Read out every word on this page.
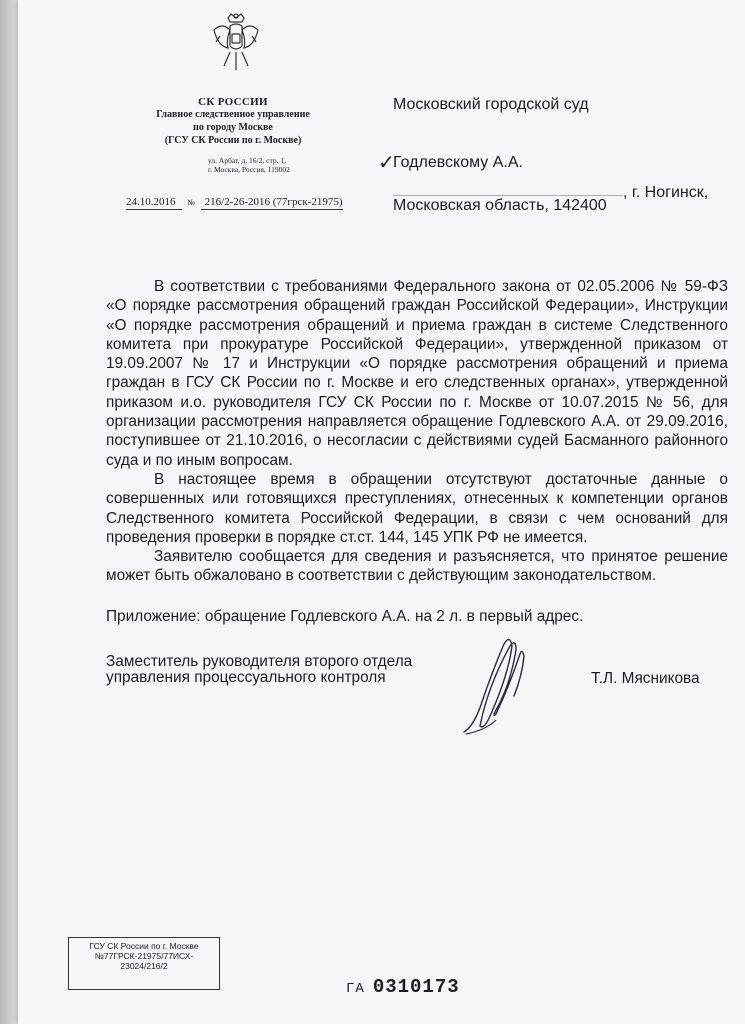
СК РОССИИ
Главное следственное управление
по городу Москве
(ГСУ СК России по г. Москве)
ул. Арбат, д. 16/2, стр. 1,
г. Москва, Россия, 119002
24.10.2016 № 216/2-26-2016 (77грск-21975)
Московский городской суд
✓
Годлевскому А.А.
, г. Ногинск,
Московская область, 142400

В соответствии с требованиями Федерального закона от 02.05.2006 № 59-ФЗ «О порядке рассмотрения обращений граждан Российской Федерации», Инструкции «О порядке рассмотрения обращений и приема граждан в системе Следственного комитета при прокуратуре Российской Федерации», утвержденной приказом от 19.09.2007 № 17 и Инструкции «О порядке рассмотрения обращений и приема граждан в ГСУ СК России по г. Москве и его следственных органах», утвержденной приказом и.о. руководителя ГСУ СК России по г. Москве от 10.07.2015 № 56, для организации рассмотрения направляется обращение Годлевского А.А. от 29.09.2016, поступившее от 21.10.2016, о несогласии с действиями судей Басманного районного суда и по иным вопросам.

В настоящее время в обращении отсутствуют достаточные данные о совершенных или готовящихся преступлениях, отнесенных к компетенции органов Следственного комитета Российской Федерации, в связи с чем оснований для проведения проверки в порядке ст.ст. 144, 145 УПК РФ не имеется.

Заявителю сообщается для сведения и разъясняется, что принятое решение может быть обжаловано в соответствии с действующим законодательством.

Приложение: обращение Годлевского А.А. на 2 л. в первый адрес.
Заместитель руководителя второго отдела
управления процессуального контроля	Т.Л. Мясникова
ГСУ СК России по г. Москве
№77ГРСК-21975/77ИСХ-
23024/216/2
ГА 0310173
